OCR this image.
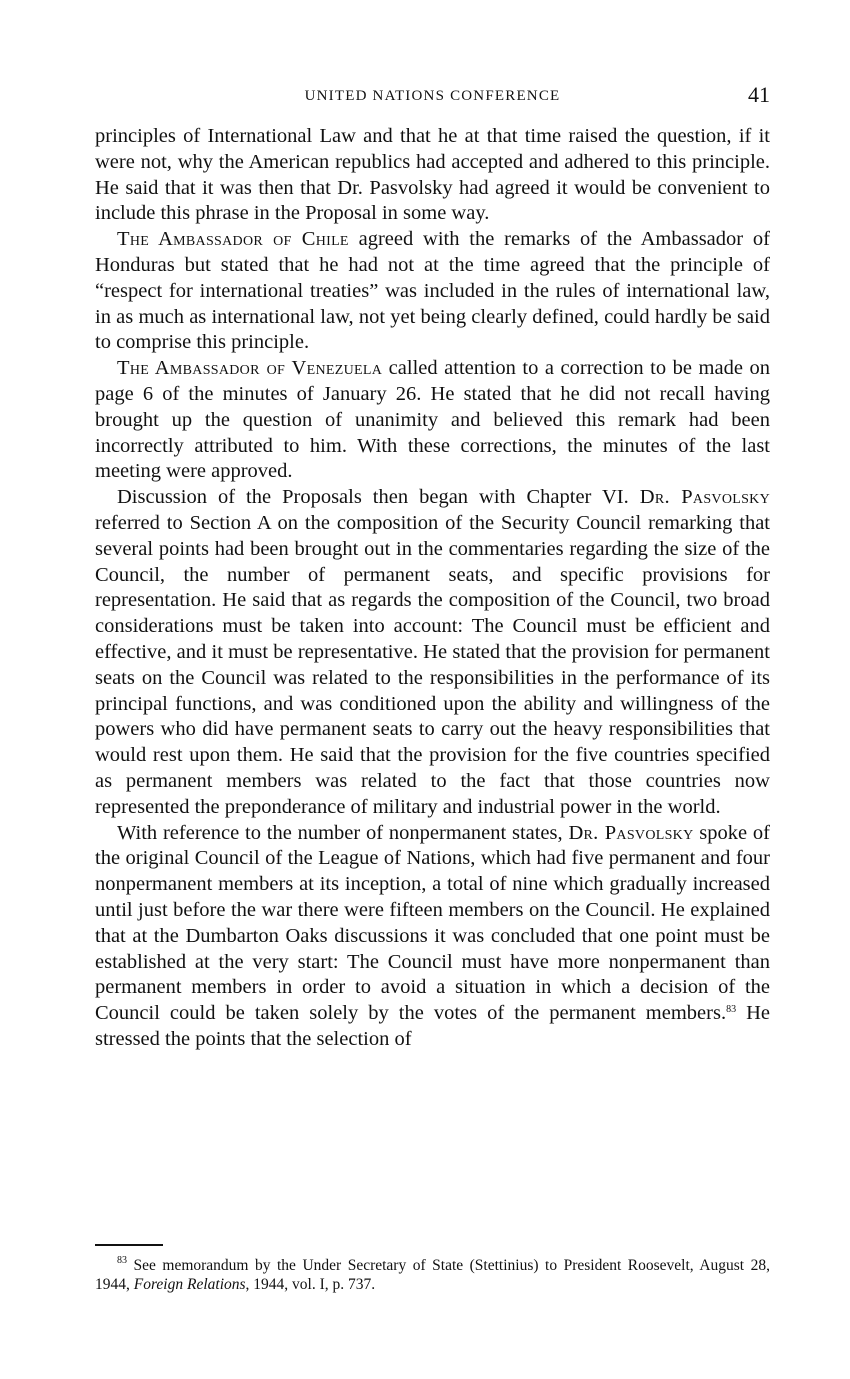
UNITED NATIONS CONFERENCE	41

principles of International Law and that he at that time raised the question, if it were not, why the American republics had accepted and adhered to this principle. He said that it was then that Dr. Pasvolsky had agreed it would be convenient to include this phrase in the Proposal in some way.

The Ambassador of Chile agreed with the remarks of the Ambassador of Honduras but stated that he had not at the time agreed that the principle of “respect for international treaties” was included in the rules of international law, in as much as international law, not yet being clearly defined, could hardly be said to comprise this principle.

The Ambassador of Venezuela called attention to a correction to be made on page 6 of the minutes of January 26. He stated that he did not recall having brought up the question of unanimity and believed this remark had been incorrectly attributed to him. With these corrections, the minutes of the last meeting were approved.

Discussion of the Proposals then began with Chapter VI. Dr. Pasvolsky referred to Section A on the composition of the Security Council remarking that several points had been brought out in the commentaries regarding the size of the Council, the number of permanent seats, and specific provisions for representation. He said that as regards the composition of the Council, two broad considerations must be taken into account: The Council must be efficient and effective, and it must be representative. He stated that the provision for permanent seats on the Council was related to the responsibilities in the performance of its principal functions, and was conditioned upon the ability and willingness of the powers who did have permanent seats to carry out the heavy responsibilities that would rest upon them. He said that the provision for the five countries specified as permanent members was related to the fact that those countries now represented the preponderance of military and industrial power in the world.

With reference to the number of nonpermanent states, Dr. Pasvolsky spoke of the original Council of the League of Nations, which had five permanent and four nonpermanent members at its inception, a total of nine which gradually increased until just before the war there were fifteen members on the Council. He explained that at the Dumbarton Oaks discussions it was concluded that one point must be established at the very start: The Council must have more nonpermanent than permanent members in order to avoid a situation in which a decision of the Council could be taken solely by the votes of the permanent members.$^{83}$ He stressed the points that the selection of

$^{83}$ See memorandum by the Under Secretary of State (Stettinius) to President Roosevelt, August 28, 1944, Foreign Relations, 1944, vol. I, p. 737.
